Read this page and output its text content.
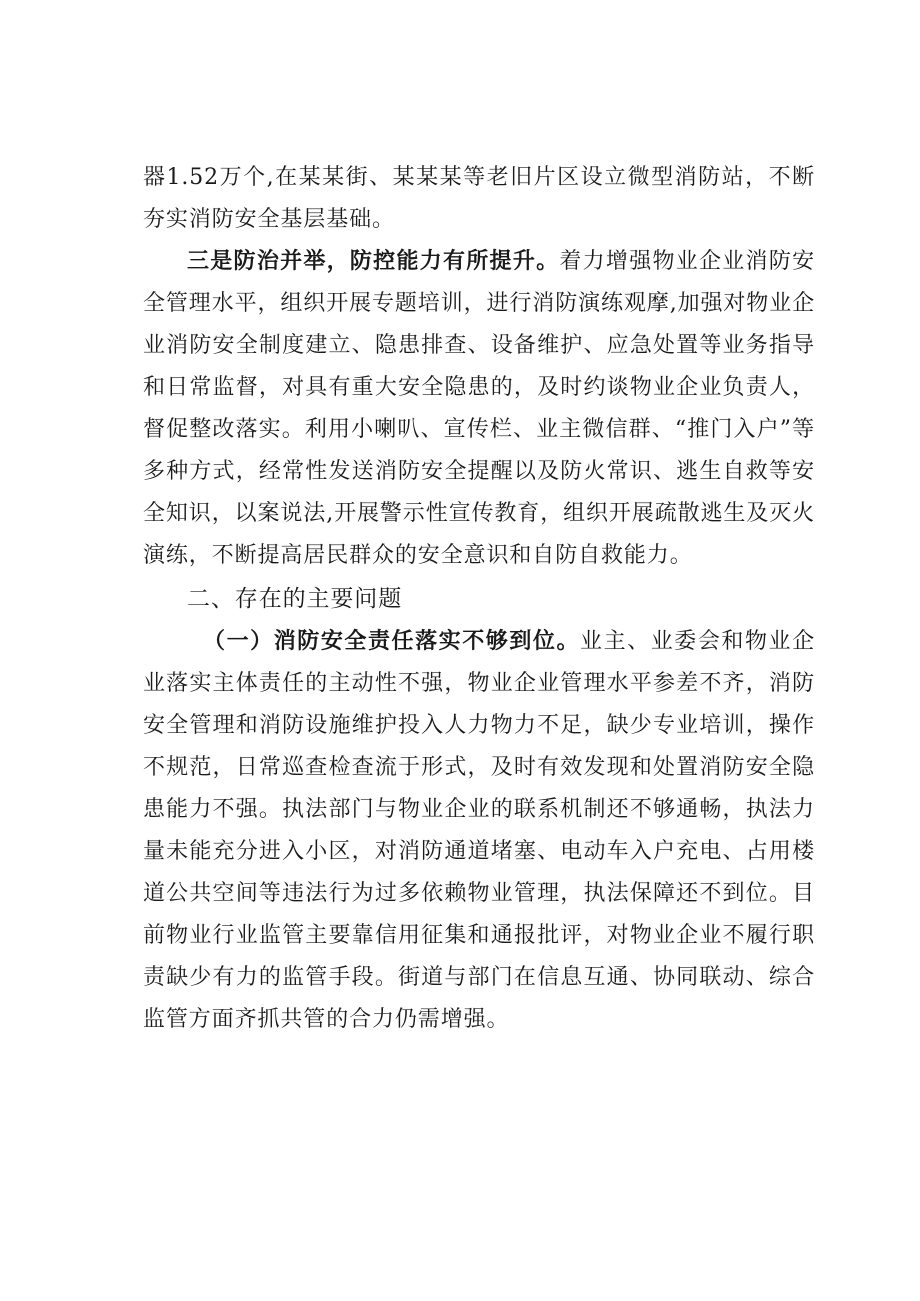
器1.52万个,在某某街、某某某等老旧片区设立微型消防站，不断夯实消防安全基层基础。

三是防治并举，防控能力有所提升。着力增强物业企业消防安全管理水平，组织开展专题培训，进行消防演练观摩,加强对物业企业消防安全制度建立、隐患排查、设备维护、应急处置等业务指导和日常监督，对具有重大安全隐患的，及时约谈物业企业负责人，督促整改落实。利用小喇叭、宣传栏、业主微信群、“推门入户”等多种方式，经常性发送消防安全提醒以及防火常识、逃生自救等安全知识，以案说法,开展警示性宣传教育，组织开展疏散逃生及灭火演练，不断提高居民群众的安全意识和自防自救能力。

二、存在的主要问题

（一）消防安全责任落实不够到位。业主、业委会和物业企业落实主体责任的主动性不强，物业企业管理水平参差不齐，消防安全管理和消防设施维护投入人力物力不足，缺少专业培训，操作不规范，日常巡查检查流于形式，及时有效发现和处置消防安全隐患能力不强。执法部门与物业企业的联系机制还不够通畅，执法力量未能充分进入小区，对消防通道堵塞、电动车入户充电、占用楼道公共空间等违法行为过多依赖物业管理，执法保障还不到位。目前物业行业监管主要靠信用征集和通报批评，对物业企业不履行职责缺少有力的监管手段。街道与部门在信息互通、协同联动、综合监管方面齐抓共管的合力仍需增强。
